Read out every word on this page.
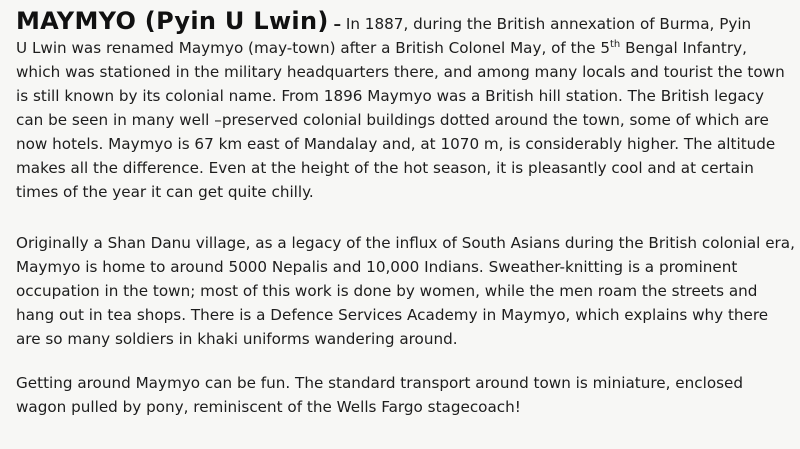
MAYMYO (Pyin U Lwin) – In 1887, during the British annexation of Burma, Pyin
U Lwin was renamed Maymyo (may-town) after a British Colonel May, of the 5th Bengal Infantry,
which was stationed in the military headquarters there, and among many locals and tourist the town
is still known by its colonial name. From 1896 Maymyo was a British hill station. The British legacy
can be seen in many well –preserved colonial buildings dotted around the town, some of which are
now hotels. Maymyo is 67 km east of Mandalay and, at 1070 m, is considerably higher. The altitude
makes all the difference. Even at the height of the hot season, it is pleasantly cool and at certain
times of the year it can get quite chilly.
Originally a Shan Danu village, as a legacy of the influx of South Asians during the British colonial era,
Maymyo is home to around 5000 Nepalis and 10,000 Indians. Sweather-knitting is a prominent
occupation in the town; most of this work is done by women, while the men roam the streets and
hang out in tea shops. There is a Defence Services Academy in Maymyo, which explains why there
are so many soldiers in khaki uniforms wandering around.
Getting around Maymyo can be fun. The standard transport around town is miniature, enclosed
wagon pulled by pony, reminiscent of the Wells Fargo stagecoach!
